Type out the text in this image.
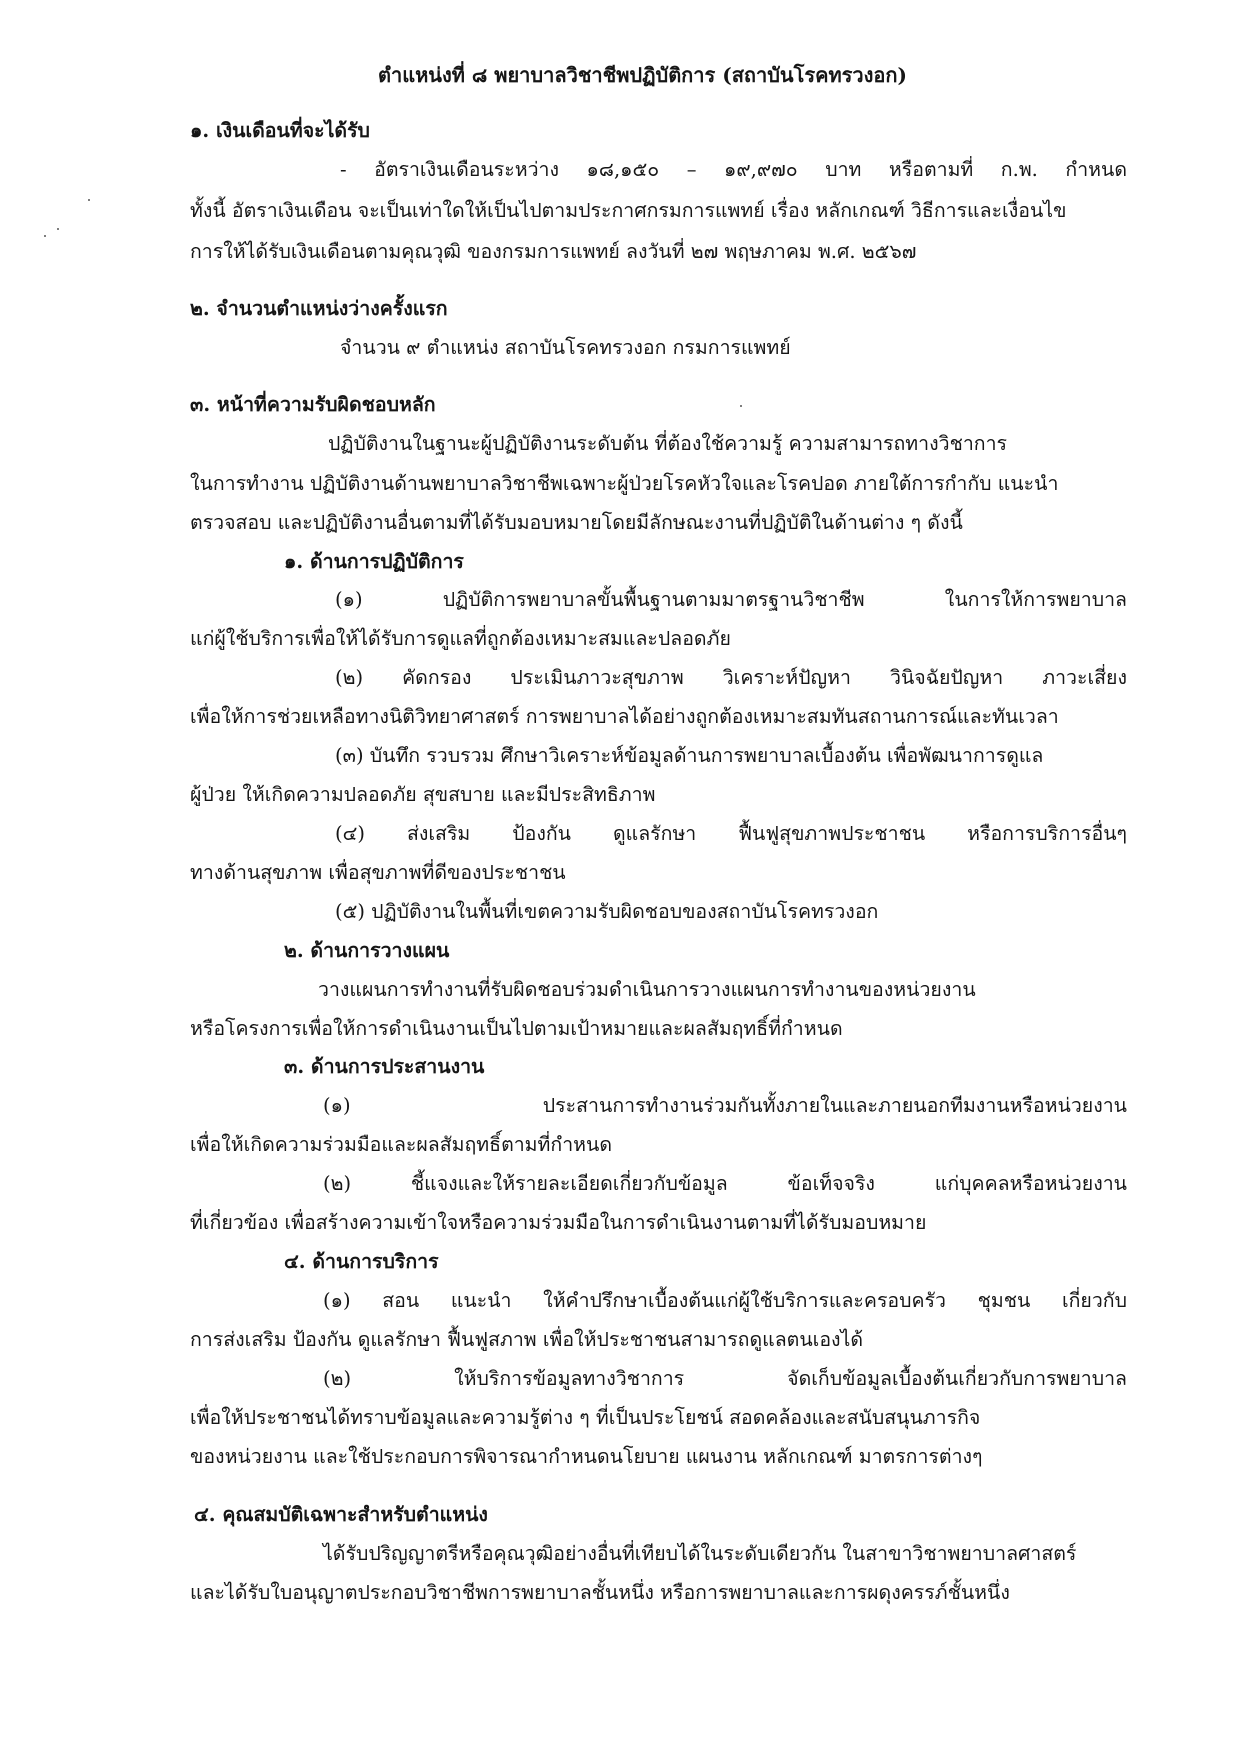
ตำแหน่งที่ ๘ พยาบาลวิชาชีพปฏิบัติการ (สถาบันโรคทรวงอก)

๑. เงินเดือนที่จะได้รับ

- อัตราเงินเดือนระหว่าง ๑๘,๑๕๐ – ๑๙,๙๗๐ บาท หรือตามที่ ก.พ. กำหนด

ทั้งนี้ อัตราเงินเดือน จะเป็นเท่าใดให้เป็นไปตามประกาศกรมการแพทย์ เรื่อง หลักเกณฑ์ วิธีการและเงื่อนไข

การให้ได้รับเงินเดือนตามคุณวุฒิ ของกรมการแพทย์ ลงวันที่ ๒๗ พฤษภาคม พ.ศ. ๒๕๖๗

๒. จำนวนตำแหน่งว่างครั้งแรก

จำนวน ๙ ตำแหน่ง สถาบันโรคทรวงอก กรมการแพทย์

๓. หน้าที่ความรับผิดชอบหลัก

ปฏิบัติงานในฐานะผู้ปฏิบัติงานระดับต้น ที่ต้องใช้ความรู้ ความสามารถทางวิชาการ

ในการทำงาน ปฏิบัติงานด้านพยาบาลวิชาชีพเฉพาะผู้ป่วยโรคหัวใจและโรคปอด ภายใต้การกำกับ แนะนำ

ตรวจสอบ และปฏิบัติงานอื่นตามที่ได้รับมอบหมายโดยมีลักษณะงานที่ปฏิบัติในด้านต่าง ๆ ดังนี้

๑. ด้านการปฏิบัติการ

(๑) ปฏิบัติการพยาบาลขั้นพื้นฐานตามมาตรฐานวิชาชีพ ในการให้การพยาบาล

แก่ผู้ใช้บริการเพื่อให้ได้รับการดูแลที่ถูกต้องเหมาะสมและปลอดภัย

(๒) คัดกรอง ประเมินภาวะสุขภาพ วิเคราะห์ปัญหา วินิจฉัยปัญหา ภาวะเสี่ยง

เพื่อให้การช่วยเหลือทางนิติวิทยาศาสตร์ การพยาบาลได้อย่างถูกต้องเหมาะสมทันสถานการณ์และทันเวลา

(๓) บันทึก รวบรวม ศึกษาวิเคราะห์ข้อมูลด้านการพยาบาลเบื้องต้น เพื่อพัฒนาการดูแล

ผู้ป่วย ให้เกิดความปลอดภัย สุขสบาย และมีประสิทธิภาพ

(๔) ส่งเสริม ป้องกัน ดูแลรักษา ฟื้นฟูสุขภาพประชาชน หรือการบริการอื่นๆ

ทางด้านสุขภาพ เพื่อสุขภาพที่ดีของประชาชน

(๕) ปฏิบัติงานในพื้นที่เขตความรับผิดชอบของสถาบันโรคทรวงอก

๒. ด้านการวางแผน

วางแผนการทำงานที่รับผิดชอบร่วมดำเนินการวางแผนการทำงานของหน่วยงาน

หรือโครงการเพื่อให้การดำเนินงานเป็นไปตามเป้าหมายและผลสัมฤทธิ์ที่กำหนด

๓. ด้านการประสานงาน

(๑) ประสานการทำงานร่วมกันทั้งภายในและภายนอกทีมงานหรือหน่วยงาน

เพื่อให้เกิดความร่วมมือและผลสัมฤทธิ์ตามที่กำหนด

(๒) ชี้แจงและให้รายละเอียดเกี่ยวกับข้อมูล ข้อเท็จจริง แก่บุคคลหรือหน่วยงาน

ที่เกี่ยวข้อง เพื่อสร้างความเข้าใจหรือความร่วมมือในการดำเนินงานตามที่ได้รับมอบหมาย

๔. ด้านการบริการ

(๑) สอน แนะนำ ให้คำปรึกษาเบื้องต้นแก่ผู้ใช้บริการและครอบครัว ชุมชน เกี่ยวกับ

การส่งเสริม ป้องกัน ดูแลรักษา ฟื้นฟูสภาพ เพื่อให้ประชาชนสามารถดูแลตนเองได้

(๒) ให้บริการข้อมูลทางวิชาการ จัดเก็บข้อมูลเบื้องต้นเกี่ยวกับการพยาบาล

เพื่อให้ประชาชนได้ทราบข้อมูลและความรู้ต่าง ๆ ที่เป็นประโยชน์ สอดคล้องและสนับสนุนภารกิจ

ของหน่วยงาน และใช้ประกอบการพิจารณากำหนดนโยบาย แผนงาน หลักเกณฑ์ มาตรการต่างๆ

๔. คุณสมบัติเฉพาะสำหรับตำแหน่ง

ได้รับปริญญาตรีหรือคุณวุฒิอย่างอื่นที่เทียบได้ในระดับเดียวกัน ในสาขาวิชาพยาบาลศาสตร์

และได้รับใบอนุญาตประกอบวิชาชีพการพยาบาลชั้นหนึ่ง หรือการพยาบาลและการผดุงครรภ์ชั้นหนึ่ง
